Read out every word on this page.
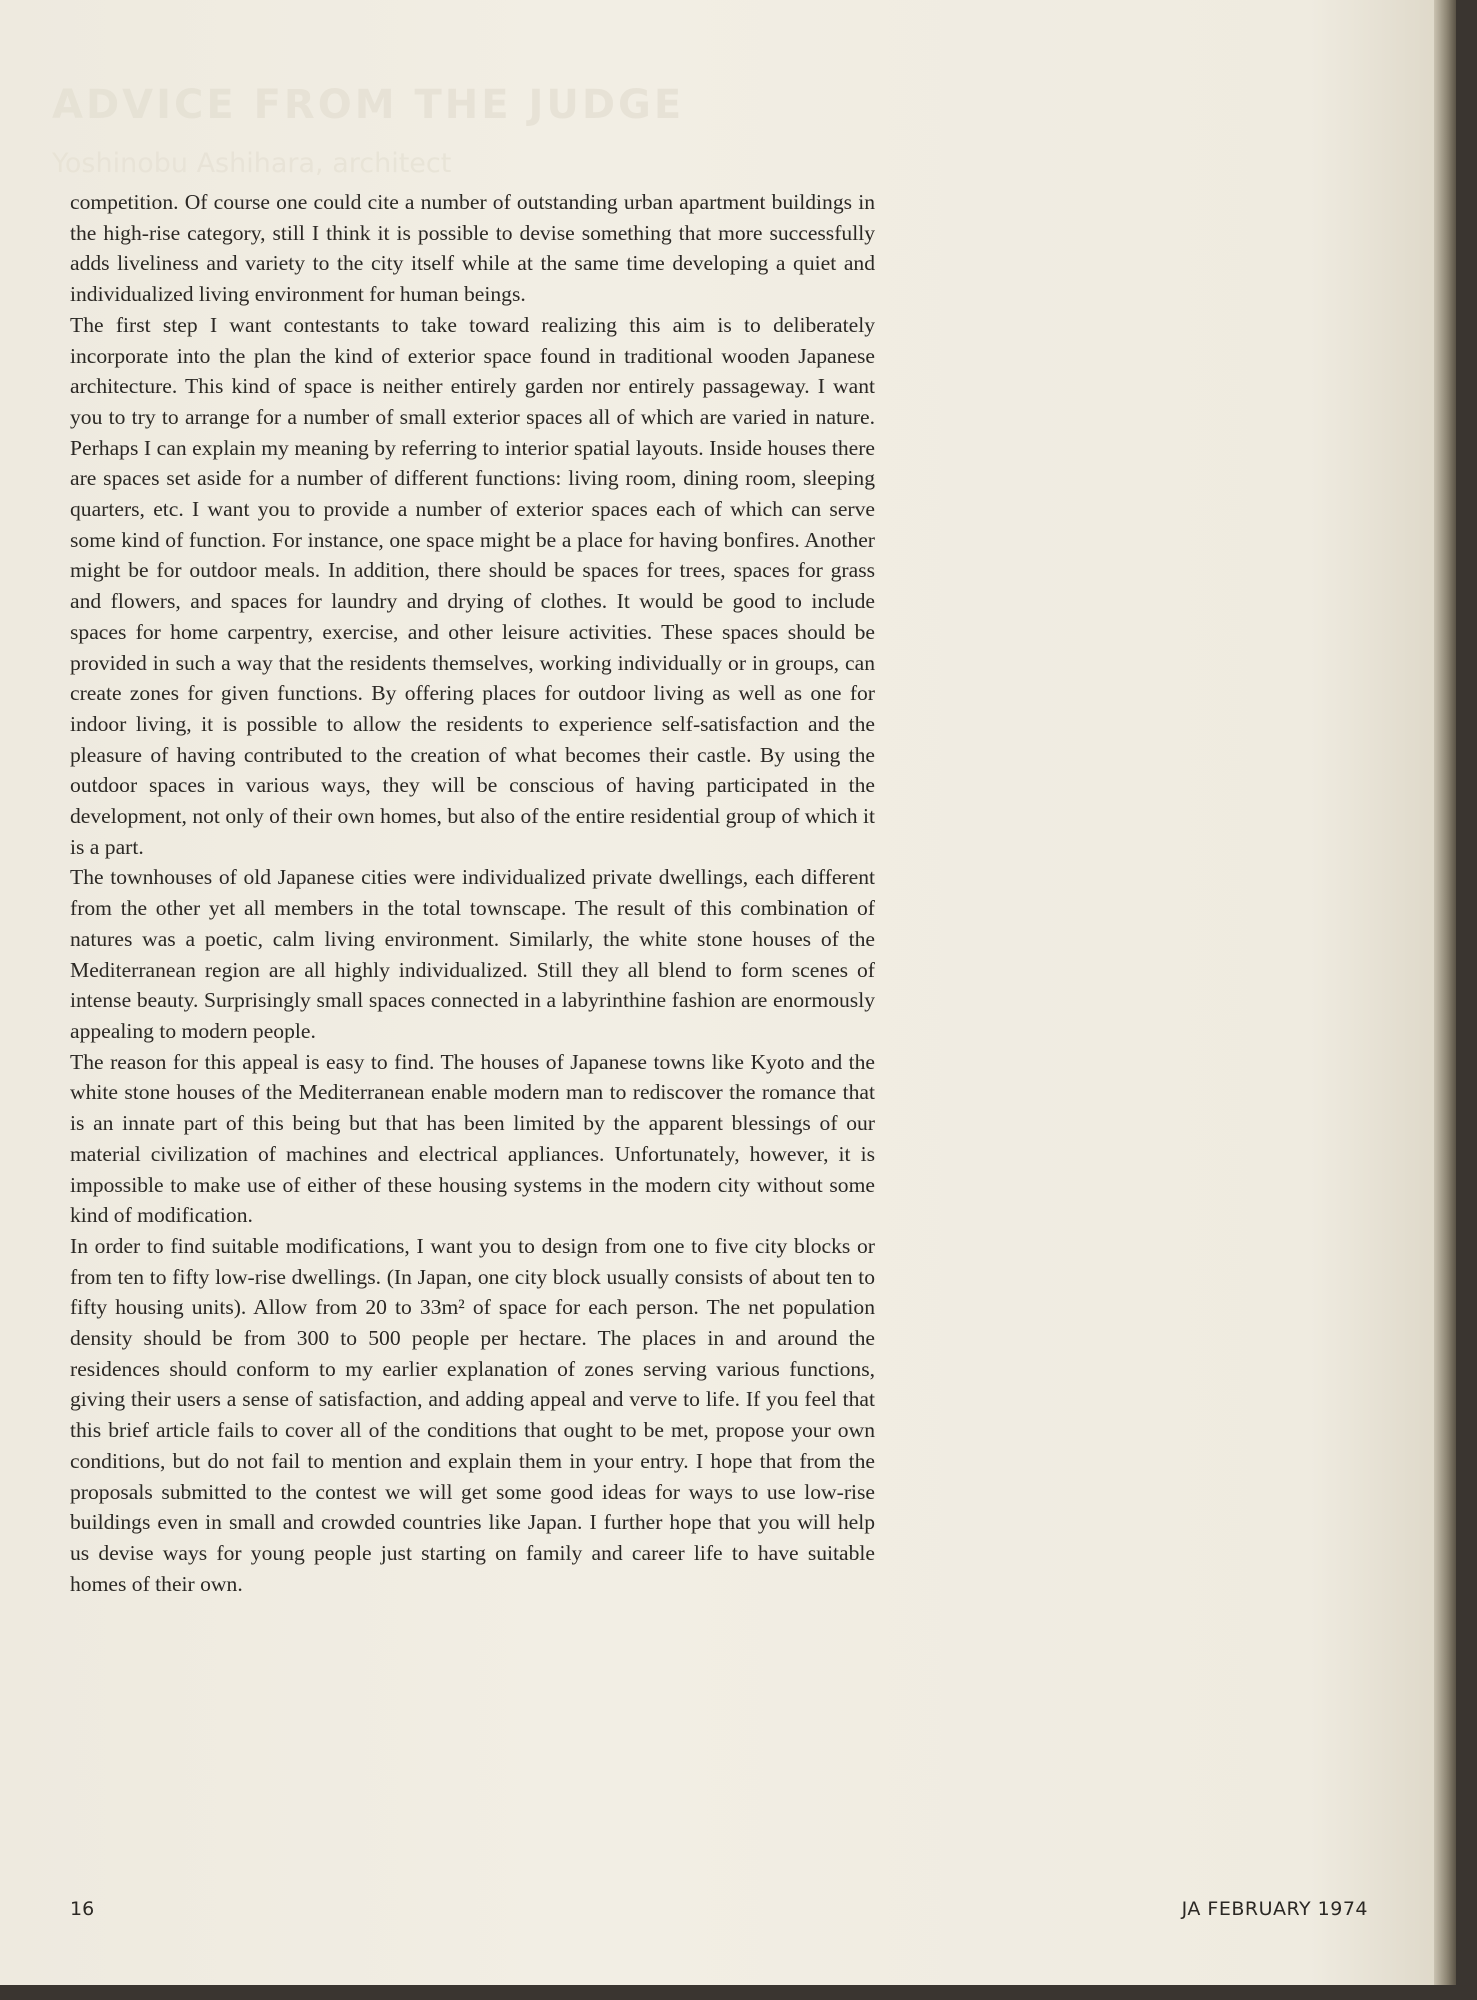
ADVICE FROM THE JUDGE
Yoshinobu Ashihara, architect

competition. Of course one could cite a number of outstanding urban apartment buildings in the high-rise category, still I think it is possible to devise something that more successfully adds liveliness and variety to the city itself while at the same time developing a quiet and individualized living environment for human beings.

The first step I want contestants to take toward realizing this aim is to deliberately incorporate into the plan the kind of exterior space found in traditional wooden Japanese architecture. This kind of space is neither entirely garden nor entirely passageway. I want you to try to arrange for a number of small exterior spaces all of which are varied in nature. Perhaps I can explain my meaning by referring to interior spatial layouts. Inside houses there are spaces set aside for a number of different functions: living room, dining room, sleeping quarters, etc. I want you to provide a number of exterior spaces each of which can serve some kind of function. For instance, one space might be a place for having bonfires. Another might be for outdoor meals. In addition, there should be spaces for trees, spaces for grass and flowers, and spaces for laundry and drying of clothes. It would be good to include spaces for home carpentry, exercise, and other leisure activities. These spaces should be provided in such a way that the residents themselves, working individually or in groups, can create zones for given functions. By offering places for outdoor living as well as one for indoor living, it is possible to allow the residents to experience self-satisfaction and the pleasure of having contributed to the creation of what becomes their castle. By using the outdoor spaces in various ways, they will be conscious of having participated in the development, not only of their own homes, but also of the entire residential group of which it is a part.

The townhouses of old Japanese cities were individualized private dwellings, each different from the other yet all members in the total townscape. The result of this combination of natures was a poetic, calm living environment. Similarly, the white stone houses of the Mediterranean region are all highly individualized. Still they all blend to form scenes of intense beauty. Surprisingly small spaces connected in a labyrinthine fashion are enormously appealing to modern people.

The reason for this appeal is easy to find. The houses of Japanese towns like Kyoto and the white stone houses of the Mediterranean enable modern man to rediscover the romance that is an innate part of this being but that has been limited by the apparent blessings of our material civilization of machines and electrical appliances. Unfortunately, however, it is impossible to make use of either of these housing systems in the modern city without some kind of modification.

In order to find suitable modifications, I want you to design from one to five city blocks or from ten to fifty low-rise dwellings. (In Japan, one city block usually consists of about ten to fifty housing units). Allow from 20 to 33m² of space for each person. The net population density should be from 300 to 500 people per hectare. The places in and around the residences should conform to my earlier explanation of zones serving various functions, giving their users a sense of satisfaction, and adding appeal and verve to life. If you feel that this brief article fails to cover all of the conditions that ought to be met, propose your own conditions, but do not fail to mention and explain them in your entry. I hope that from the proposals submitted to the contest we will get some good ideas for ways to use low-rise buildings even in small and crowded countries like Japan. I further hope that you will help us devise ways for young people just starting on family and career life to have suitable homes of their own.

16	JA FEBRUARY 1974
